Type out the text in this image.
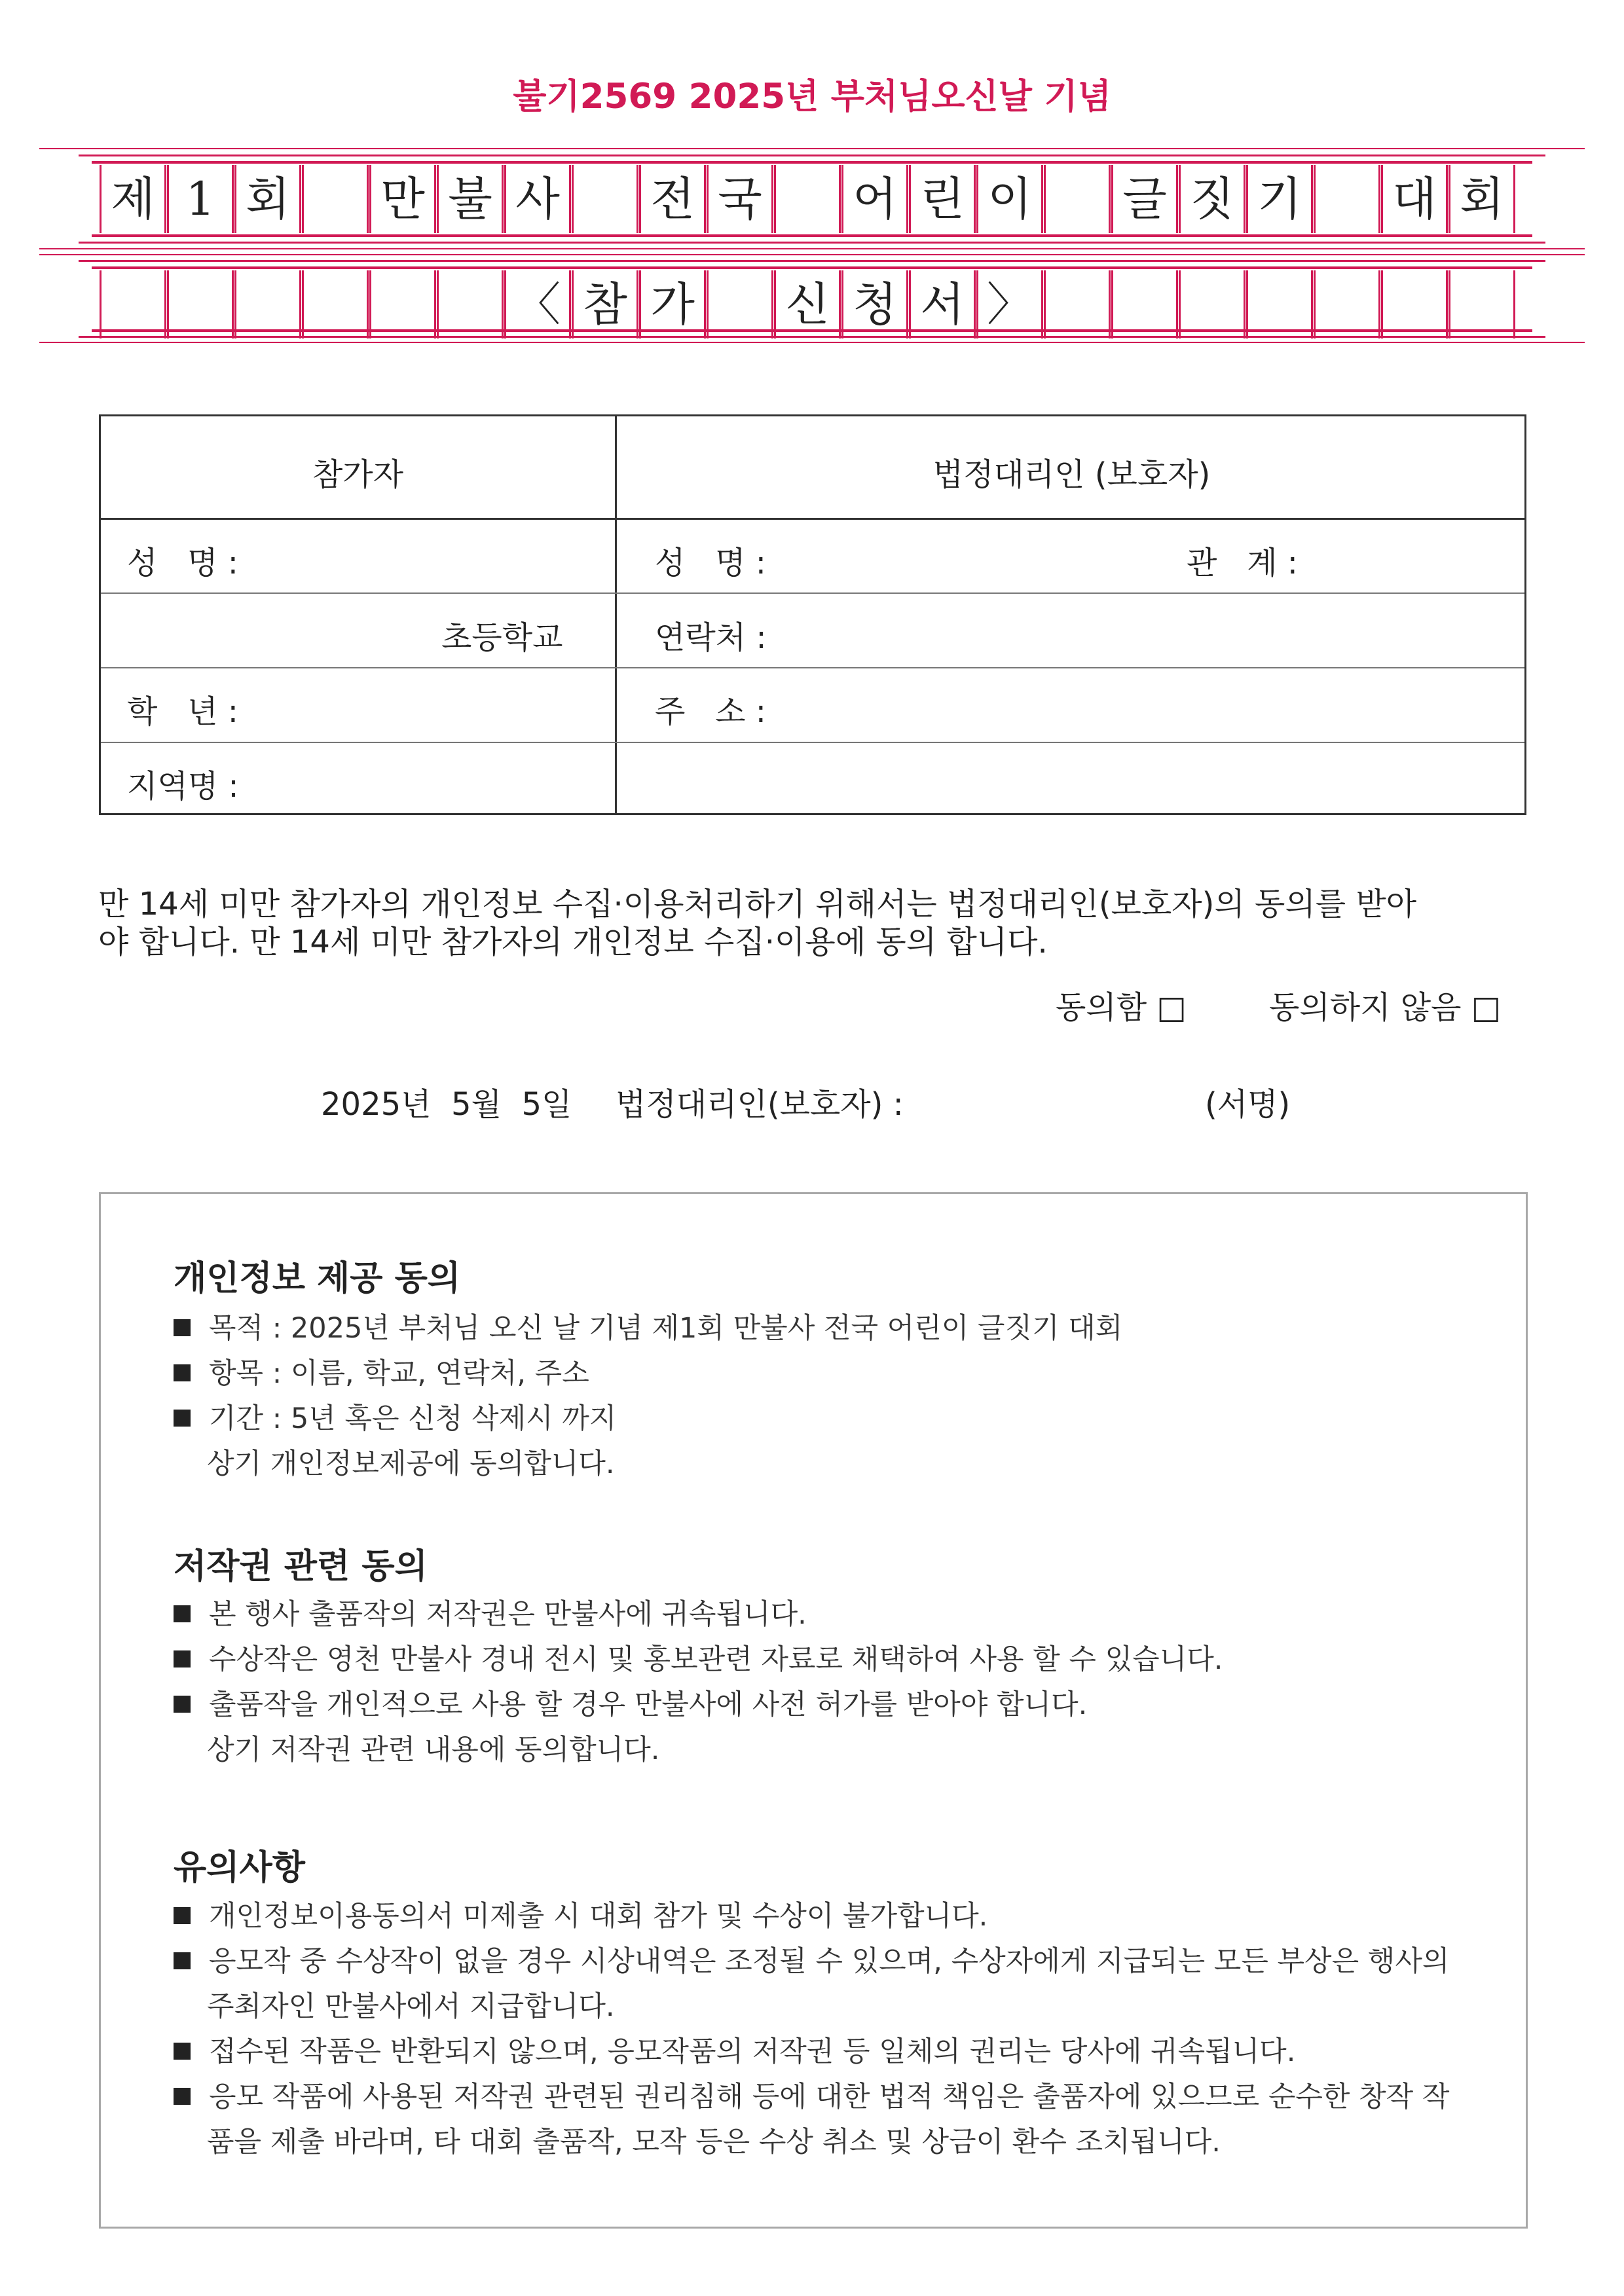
불기2569 2025년 부처님오신날 기념
제 1 회 만 불 사 전 국 어 린 이 글 짓 기 대 회
〈 참 가 신 청 서 〉
참가자	법정대리인 (보호자)
성   명 :	성   명 :	관   계 :
초등학교	연락처 :
학   년 :	주   소 :
지역명 :
만 14세 미만 참가자의 개인정보 수집·이용처리하기 위해서는 법정대리인(보호자)의 동의를 받아
야 합니다. 만 14세 미만 참가자의 개인정보 수집·이용에 동의 합니다.
동의함 □	동의하지 않음 □
2025년  5월  5일 법정대리인(보호자) :	(서명)
개인정보 제공 동의
목적 : 2025년 부처님 오신 날 기념 제1회 만불사 전국 어린이 글짓기 대회
항목 : 이름, 학교, 연락처, 주소
기간 : 5년 혹은 신청 삭제시 까지
상기 개인정보제공에 동의합니다.
저작권 관련 동의
본 행사 출품작의 저작권은 만불사에 귀속됩니다.
수상작은 영천 만불사 경내 전시 및 홍보관련 자료로 채택하여 사용 할 수 있습니다.
출품작을 개인적으로 사용 할 경우 만불사에 사전 허가를 받아야 합니다.
상기 저작권 관련 내용에 동의합니다.
유의사항
개인정보이용동의서 미제출 시 대회 참가 및 수상이 불가합니다.
응모작 중 수상작이 없을 경우 시상내역은 조정될 수 있으며, 수상자에게 지급되는 모든 부상은 행사의
주최자인 만불사에서 지급합니다.
접수된 작품은 반환되지 않으며, 응모작품의 저작권 등 일체의 권리는 당사에 귀속됩니다.
응모 작품에 사용된 저작권 관련된 권리침해 등에 대한 법적 책임은 출품자에 있으므로 순수한 창작 작
품을 제출 바라며, 타 대회 출품작, 모작 등은 수상 취소 및 상금이 환수 조치됩니다.
